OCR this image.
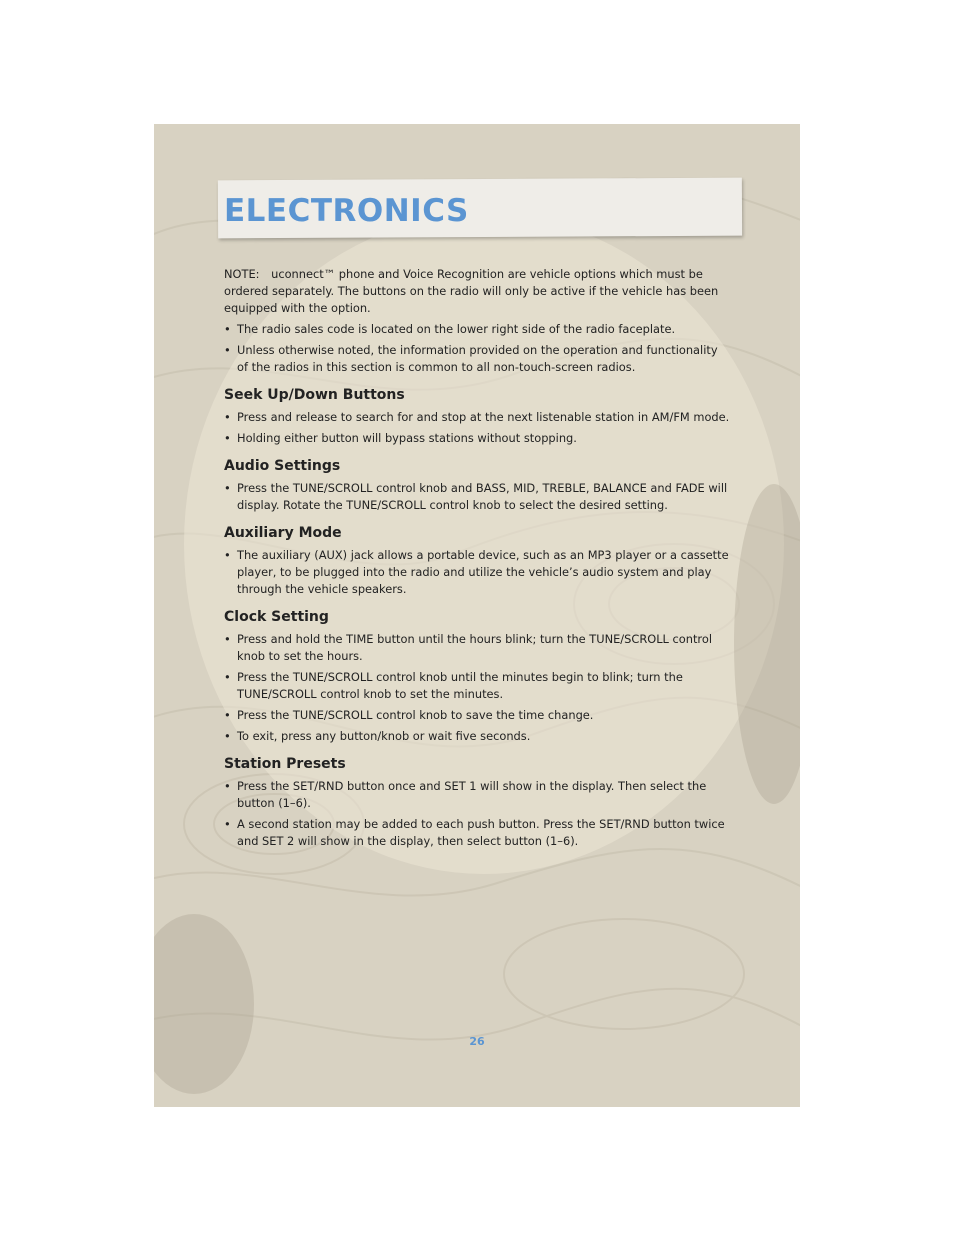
ELECTRONICS

NOTE: uconnect™ phone and Voice Recognition are vehicle options which must be ordered separately. The buttons on the radio will only be active if the vehicle has been equipped with the option.

• The radio sales code is located on the lower right side of the radio faceplate.
• Unless otherwise noted, the information provided on the operation and functionality of the radios in this section is common to all non-touch-screen radios.
Seek Up/Down Buttons
• Press and release to search for and stop at the next listenable station in AM/FM mode.
• Holding either button will bypass stations without stopping.
Audio Settings
• Press the TUNE/SCROLL control knob and BASS, MID, TREBLE, BALANCE and FADE will display. Rotate the TUNE/SCROLL control knob to select the desired setting.
Auxiliary Mode
• The auxiliary (AUX) jack allows a portable device, such as an MP3 player or a cassette player, to be plugged into the radio and utilize the vehicle’s audio system and play through the vehicle speakers.
Clock Setting
• Press and hold the TIME button until the hours blink; turn the TUNE/SCROLL control knob to set the hours.
• Press the TUNE/SCROLL control knob until the minutes begin to blink; turn the TUNE/SCROLL control knob to set the minutes.
• Press the TUNE/SCROLL control knob to save the time change.
• To exit, press any button/knob or wait five seconds.
Station Presets
• Press the SET/RND button once and SET 1 will show in the display. Then select the button (1–6).
• A second station may be added to each push button. Press the SET/RND button twice and SET 2 will show in the display, then select button (1–6).
26
